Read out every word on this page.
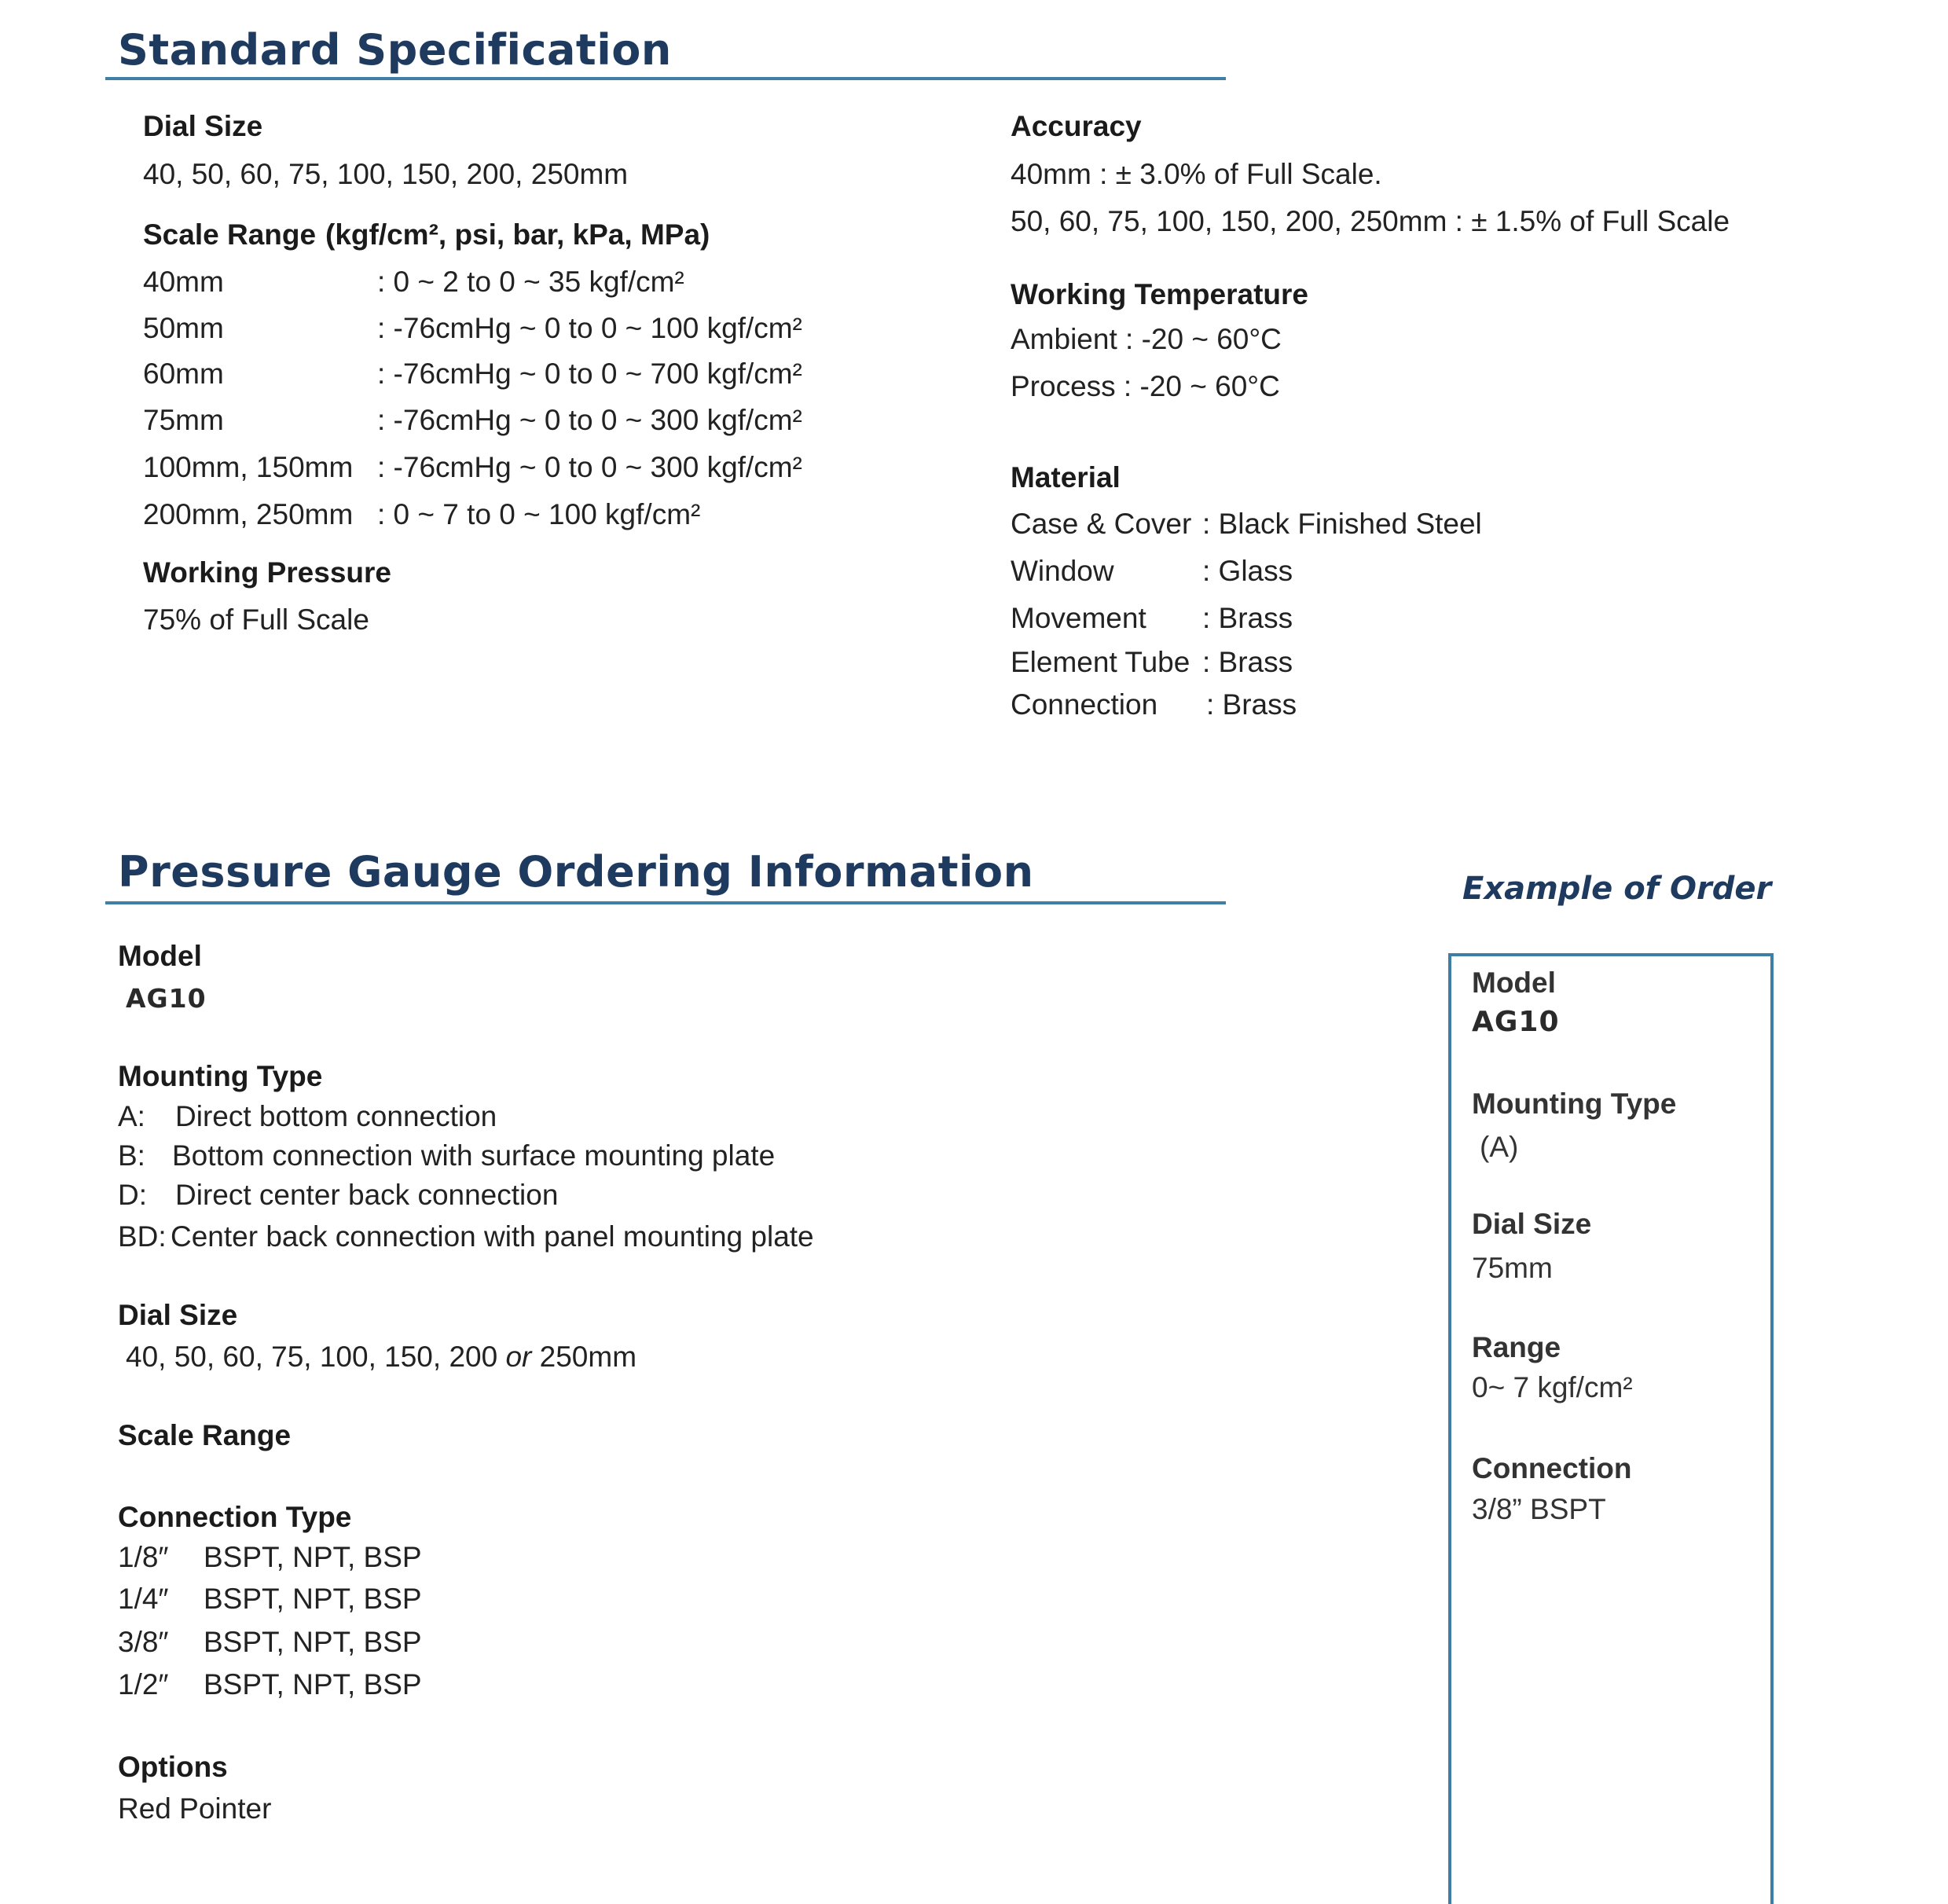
Standard Specification
Dial Size
40, 50, 60, 75, 100, 150, 200, 250mm
Scale Range (kgf/cm², psi, bar, kPa, MPa)
40mm	: 0 ~ 2 to 0 ~ 35 kgf/cm²
50mm	: -76cmHg ~ 0 to 0 ~ 100 kgf/cm²
60mm	: -76cmHg ~ 0 to 0 ~ 700 kgf/cm²
75mm	: -76cmHg ~ 0 to 0 ~ 300 kgf/cm²
100mm, 150mm : -76cmHg ~ 0 to 0 ~ 300 kgf/cm²
200mm, 250mm : 0 ~ 7 to 0 ~ 100 kgf/cm²
Working Pressure
75% of Full Scale
Accuracy
40mm : ± 3.0% of Full Scale.
50, 60, 75, 100, 150, 200, 250mm : ± 1.5% of Full Scale
Working Temperature
Ambient : -20 ~ 60°C
Process : -20 ~ 60°C
Material
Case & Cover : Black Finished Steel
Window	: Glass
Movement : Brass
Element Tube : Brass
Connection : Brass
Pressure Gauge Ordering Information
Model
AG10
Mounting Type
A: Direct bottom connection
B: Bottom connection with surface mounting plate
D: Direct center back connection
BD: Center back connection with panel mounting plate
Dial Size
40, 50, 60, 75, 100, 150, 200 or 250mm
Scale Range
Connection Type
1/8″ BSPT, NPT, BSP
1/4″ BSPT, NPT, BSP
3/8″ BSPT, NPT, BSP
1/2″ BSPT, NPT, BSP
Options
Red Pointer
Example of Order
Model
AG10
Mounting Type
(A)
Dial Size
75mm
Range
0~ 7 kgf/cm²
Connection
3/8” BSPT
